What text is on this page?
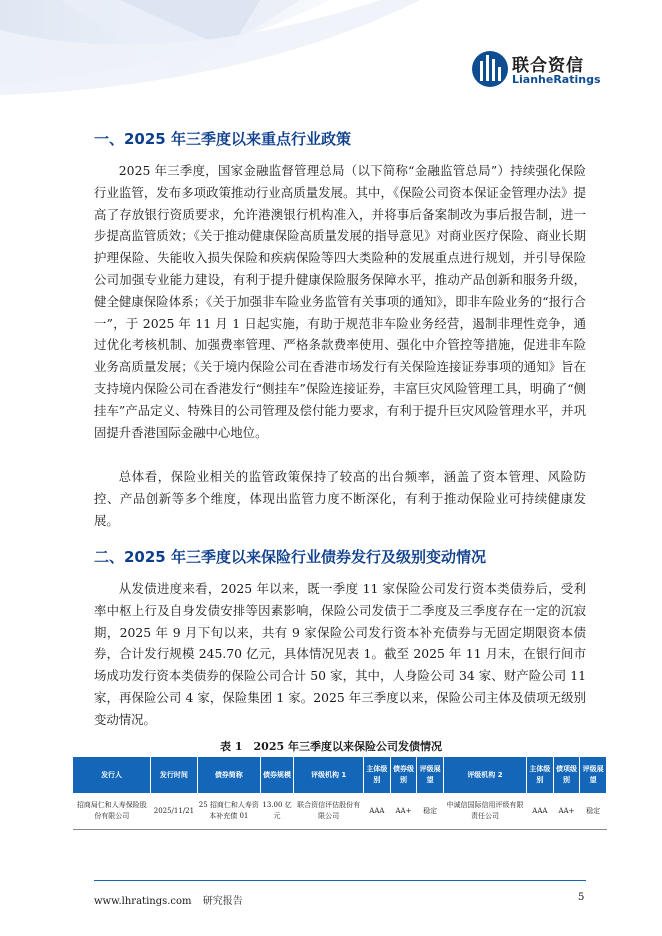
联合资信
LianheRatings
一、2025 年三季度以来重点行业政策

2025 年三季度，国家金融监督管理总局（以下简称“金融监管总局”）持续强化保险行业监管，发布多项政策推动行业高质量发展。其中，《保险公司资本保证金管理办法》提高了存放银行资质要求，允许港澳银行机构准入，并将事后备案制改为事后报告制，进一步提高监管质效；《关于推动健康保险高质量发展的指导意见》对商业医疗保险、商业长期护理保险、失能收入损失保险和疾病保险等四大类险种的发展重点进行规划，并引导保险公司加强专业能力建设，有利于提升健康保险服务保障水平，推动产品创新和服务升级，健全健康保险体系；《关于加强非车险业务监管有关事项的通知》，即非车险业务的“报行合一”，于 2025 年 11 月 1 日起实施，有助于规范非车险业务经营，遏制非理性竞争，通过优化考核机制、加强费率管理、严格条款费率使用、强化中介管控等措施，促进非车险业务高质量发展；《关于境内保险公司在香港市场发行有关保险连接证券事项的通知》旨在支持境内保险公司在香港发行“侧挂车”保险连接证券，丰富巨灾风险管理工具，明确了“侧挂车”产品定义、特殊目的公司管理及偿付能力要求，有利于提升巨灾风险管理水平，并巩固提升香港国际金融中心地位。

总体看，保险业相关的监管政策保持了较高的出台频率，涵盖了资本管理、风险防控、产品创新等多个维度，体现出监管力度不断深化，有利于推动保险业可持续健康发展。

二、2025 年三季度以来保险行业债券发行及级别变动情况

从发债进度来看，2025 年以来，既一季度 11 家保险公司发行资本类债券后，受利率中枢上行及自身发债安排等因素影响，保险公司发债于二季度及三季度存在一定的沉寂期，2025 年 9 月下旬以来，共有 9 家保险公司发行资本补充债券与无固定期限资本债券，合计发行规模 245.70 亿元，具体情况见表 1。截至 2025 年 11 月末，在银行间市场成功发行资本类债券的保险公司合计 50 家，其中，人身险公司 34 家、财产险公司 11 家，再保险公司 4 家，保险集团 1 家。2025 年三季度以来，保险公司主体及债项无级别变动情况。

表 1　2025 年三季度以来保险公司发债情况
发行人	发行时间	债券简称	债券规模	评级机构 1	主体级别	债券级别	评级展望	评级机构 2	主体级别	债项级别	评级展望
招商局仁和人寿保险股份有限公司	2025/11/21	25 招商仁和人寿资本补充债 01	13.00 亿元	联合资信评估股份有限公司	AAA	AA+	稳定	中诚信国际信用评级有限责任公司	AAA	AA+	稳定
www.lhratings.com 研究报告	5
